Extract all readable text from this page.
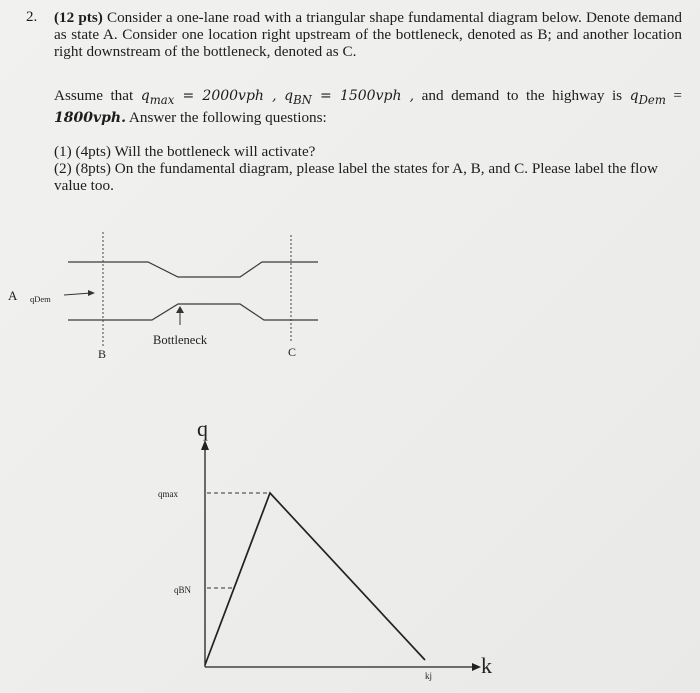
2. (12 pts) Consider a one-lane road with a triangular shape fundamental diagram below. Denote demand as state A. Consider one location right upstream of the bottleneck, denoted as B; and another location right downstream of the bottleneck, denoted as C.

Assume that $q_{max} = 2000vph$ , $q_{BN} = 1500vph$ , and demand to the highway is $q_{Dem} = 1800vph$. Answer the following questions:

(1) (4pts) Will the bottleneck will activate?
(2) (8pts) On the fundamental diagram, please label the states for A, B, and C. Please label the flow value too.

A qDem
Bottleneck
B	C
q
k
qmax
qBN
kj
